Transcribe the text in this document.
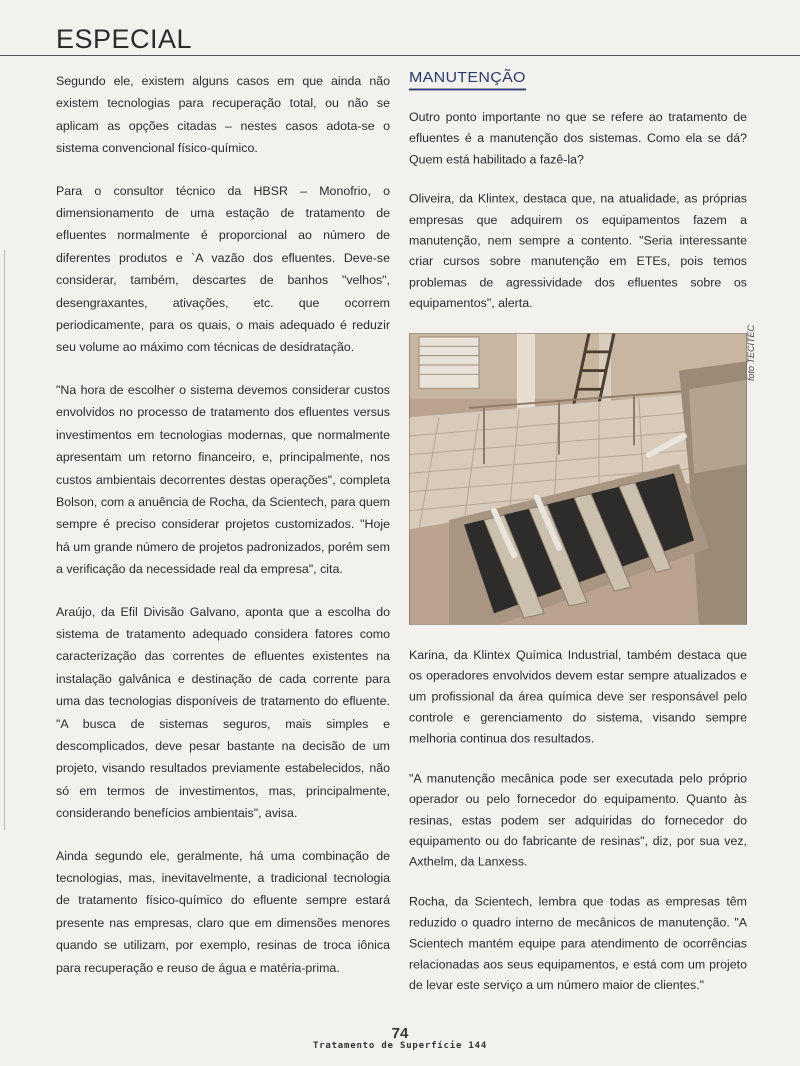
ESPECIAL

Segundo ele, existem alguns casos em que ainda não existem tecnologias para recuperação total, ou não se aplicam as opções citadas – nestes casos adota-se o sistema convencional físico-químico.

Para o consultor técnico da HBSR – Monofrio, o dimensionamento de uma estação de tratamento de efluentes normalmente é proporcional ao número de diferentes produtos e `A vazão dos efluentes. Deve-se considerar, também, descartes de banhos "velhos", desengraxantes, ativações, etc. que ocorrem periodicamente, para os quais, o mais adequado é reduzir seu volume ao máximo com técnicas de desidratação.

"Na hora de escolher o sistema devemos considerar custos envolvidos no processo de tratamento dos efluentes versus investimentos em tecnologias modernas, que normalmente apresentam um retorno financeiro, e, principalmente, nos custos ambientais decorrentes destas operações", completa Bolson, com a anuência de Rocha, da Scientech, para quem sempre é preciso considerar projetos customizados. "Hoje há um grande número de projetos padronizados, porém sem a verificação da necessidade real da empresa", cita.

Araújo, da Efil Divisão Galvano, aponta que a escolha do sistema de tratamento adequado considera fatores como caracterização das correntes de efluentes existentes na instalação galvânica e destinação de cada corrente para uma das tecnologias disponíveis de tratamento do efluente. "A busca de sistemas seguros, mais simples e descomplicados, deve pesar bastante na decisão de um projeto, visando resultados previamente estabelecidos, não só em termos de investimentos, mas, principalmente, considerando benefícios ambientais", avisa.

Ainda segundo ele, geralmente, há uma combinação de tecnologias, mas, inevitavelmente, a tradicional tecnologia de tratamento físico-químico do efluente sempre estará presente nas empresas, claro que em dimensões menores quando se utilizam, por exemplo, resinas de troca iônica para recuperação e reuso de água e matéria-prima.

MANUTENÇÃO

Outro ponto importante no que se refere ao tratamento de efluentes é a manutenção dos sistemas. Como ela se dá? Quem está habilitado a fazê-la?

Oliveira, da Klintex, destaca que, na atualidade, as próprias empresas que adquirem os equipamentos fazem a manutenção, nem sempre a contento. "Seria interessante criar cursos sobre manutenção em ETEs, pois temos problemas de agressividade dos efluentes sobre os equipamentos", alerta.

Karina, da Klintex Química Industrial, também destaca que os operadores envolvidos devem estar sempre atualizados e um profissional da área química deve ser responsável pelo controle e gerenciamento do sistema, visando sempre melhoria continua dos resultados.

"A manutenção mecânica pode ser executada pelo próprio operador ou pelo fornecedor do equipamento. Quanto às resinas, estas podem ser adquiridas do fornecedor do equipamento ou do fabricante de resinas", diz, por sua vez, Axthelm, da Lanxess.

Rocha, da Scientech, lembra que todas as empresas têm reduzido o quadro interno de mecânicos de manutenção. "A Scientech mantém equipe para atendimento de ocorrências relacionadas aos seus equipamentos, e está com um projeto de levar este serviço a um número maior de clientes."

foto TECITEC
74
Tratamento de Superfície 144
